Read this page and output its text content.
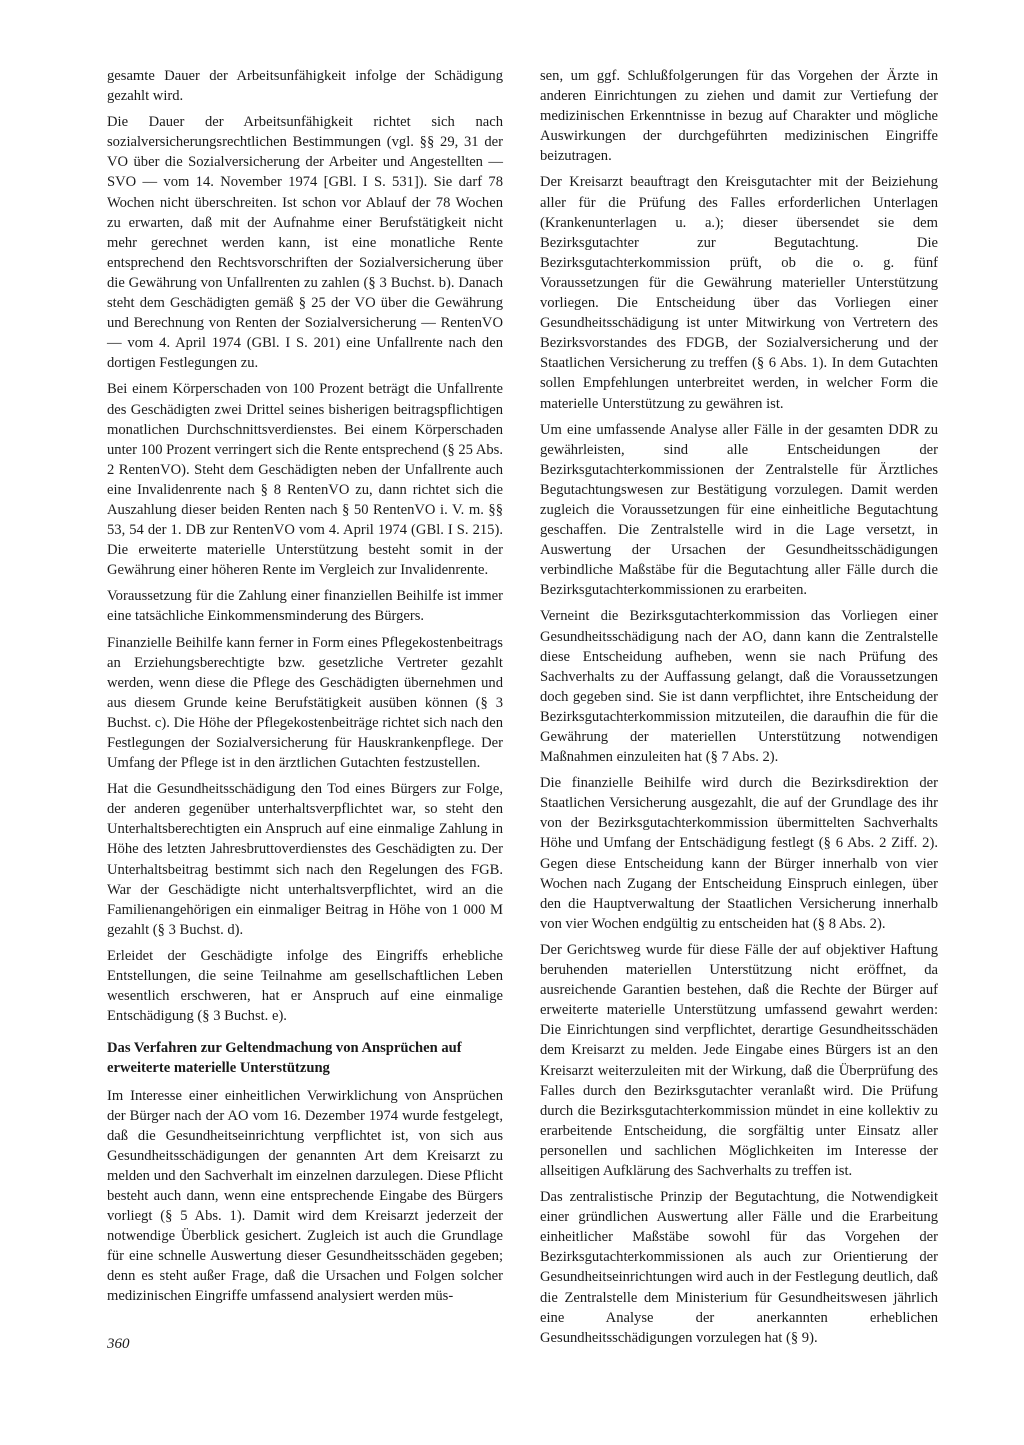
gesamte Dauer der Arbeitsunfähigkeit infolge der Schädigung gezahlt wird.

Die Dauer der Arbeitsunfähigkeit richtet sich nach sozialversicherungsrechtlichen Bestimmungen (vgl. §§ 29, 31 der VO über die Sozialversicherung der Arbeiter und Angestellten — SVO — vom 14. November 1974 [GBl. I S. 531]). Sie darf 78 Wochen nicht überschreiten. Ist schon vor Ablauf der 78 Wochen zu erwarten, daß mit der Aufnahme einer Berufstätigkeit nicht mehr gerechnet werden kann, ist eine monatliche Rente entsprechend den Rechtsvorschriften der Sozialversicherung über die Gewährung von Unfallrenten zu zahlen (§ 3 Buchst. b). Danach steht dem Geschädigten gemäß § 25 der VO über die Gewährung und Berechnung von Renten der Sozialversicherung — RentenVO — vom 4. April 1974 (GBl. I S. 201) eine Unfallrente nach den dortigen Festlegungen zu.

Bei einem Körperschaden von 100 Prozent beträgt die Unfallrente des Geschädigten zwei Drittel seines bisherigen beitragspflichtigen monatlichen Durchschnittsverdienstes. Bei einem Körperschaden unter 100 Prozent verringert sich die Rente entsprechend (§ 25 Abs. 2 RentenVO). Steht dem Geschädigten neben der Unfallrente auch eine Invalidenrente nach § 8 RentenVO zu, dann richtet sich die Auszahlung dieser beiden Renten nach § 50 RentenVO i. V. m. §§ 53, 54 der 1. DB zur RentenVO vom 4. April 1974 (GBl. I S. 215). Die erweiterte materielle Unterstützung besteht somit in der Gewährung einer höheren Rente im Vergleich zur Invalidenrente.

Voraussetzung für die Zahlung einer finanziellen Beihilfe ist immer eine tatsächliche Einkommensminderung des Bürgers.

Finanzielle Beihilfe kann ferner in Form eines Pflegekostenbeitrags an Erziehungsberechtigte bzw. gesetzliche Vertreter gezahlt werden, wenn diese die Pflege des Geschädigten übernehmen und aus diesem Grunde keine Berufstätigkeit ausüben können (§ 3 Buchst. c). Die Höhe der Pflegekostenbeiträge richtet sich nach den Festlegungen der Sozialversicherung für Hauskrankenpflege. Der Umfang der Pflege ist in den ärztlichen Gutachten festzustellen.

Hat die Gesundheitsschädigung den Tod eines Bürgers zur Folge, der anderen gegenüber unterhaltsverpflichtet war, so steht den Unterhaltsberechtigten ein Anspruch auf eine einmalige Zahlung in Höhe des letzten Jahresbruttoverdienstes des Geschädigten zu. Der Unterhaltsbeitrag bestimmt sich nach den Regelungen des FGB. War der Geschädigte nicht unterhaltsverpflichtet, wird an die Familienangehörigen ein einmaliger Beitrag in Höhe von 1 000 M gezahlt (§ 3 Buchst. d).

Erleidet der Geschädigte infolge des Eingriffs erhebliche Entstellungen, die seine Teilnahme am gesellschaftlichen Leben wesentlich erschweren, hat er Anspruch auf eine einmalige Entschädigung (§ 3 Buchst. e).

Das Verfahren zur Geltendmachung von Ansprüchen auf erweiterte materielle Unterstützung

Im Interesse einer einheitlichen Verwirklichung von Ansprüchen der Bürger nach der AO vom 16. Dezember 1974 wurde festgelegt, daß die Gesundheitseinrichtung verpflichtet ist, von sich aus Gesundheitsschädigungen der genannten Art dem Kreisarzt zu melden und den Sachverhalt im einzelnen darzulegen. Diese Pflicht besteht auch dann, wenn eine entsprechende Eingabe des Bürgers vorliegt (§ 5 Abs. 1). Damit wird dem Kreisarzt jederzeit der notwendige Überblick gesichert. Zugleich ist auch die Grundlage für eine schnelle Auswertung dieser Gesundheitsschäden gegeben; denn es steht außer Frage, daß die Ursachen und Folgen solcher medizinischen Eingriffe umfassend analysiert werden müs-

sen, um ggf. Schlußfolgerungen für das Vorgehen der Ärzte in anderen Einrichtungen zu ziehen und damit zur Vertiefung der medizinischen Erkenntnisse in bezug auf Charakter und mögliche Auswirkungen der durchgeführten medizinischen Eingriffe beizutragen.

Der Kreisarzt beauftragt den Kreisgutachter mit der Beiziehung aller für die Prüfung des Falles erforderlichen Unterlagen (Krankenunterlagen u. a.); dieser übersendet sie dem Bezirksgutachter zur Begutachtung. Die Bezirksgutachterkommission prüft, ob die o. g. fünf Voraussetzungen für die Gewährung materieller Unterstützung vorliegen. Die Entscheidung über das Vorliegen einer Gesundheitsschädigung ist unter Mitwirkung von Vertretern des Bezirksvorstandes des FDGB, der Sozialversicherung und der Staatlichen Versicherung zu treffen (§ 6 Abs. 1). In dem Gutachten sollen Empfehlungen unterbreitet werden, in welcher Form die materielle Unterstützung zu gewähren ist.

Um eine umfassende Analyse aller Fälle in der gesamten DDR zu gewährleisten, sind alle Entscheidungen der Bezirksgutachterkommissionen der Zentralstelle für Ärztliches Begutachtungswesen zur Bestätigung vorzulegen. Damit werden zugleich die Voraussetzungen für eine einheitliche Begutachtung geschaffen. Die Zentralstelle wird in die Lage versetzt, in Auswertung der Ursachen der Gesundheitsschädigungen verbindliche Maßstäbe für die Begutachtung aller Fälle durch die Bezirksgutachterkommissionen zu erarbeiten.

Verneint die Bezirksgutachterkommission das Vorliegen einer Gesundheitsschädigung nach der AO, dann kann die Zentralstelle diese Entscheidung aufheben, wenn sie nach Prüfung des Sachverhalts zu der Auffassung gelangt, daß die Voraussetzungen doch gegeben sind. Sie ist dann verpflichtet, ihre Entscheidung der Bezirksgutachterkommission mitzuteilen, die daraufhin die für die Gewährung der materiellen Unterstützung notwendigen Maßnahmen einzuleiten hat (§ 7 Abs. 2).

Die finanzielle Beihilfe wird durch die Bezirksdirektion der Staatlichen Versicherung ausgezahlt, die auf der Grundlage des ihr von der Bezirksgutachterkommission übermittelten Sachverhalts Höhe und Umfang der Entschädigung festlegt (§ 6 Abs. 2 Ziff. 2). Gegen diese Entscheidung kann der Bürger innerhalb von vier Wochen nach Zugang der Entscheidung Einspruch einlegen, über den die Hauptverwaltung der Staatlichen Versicherung innerhalb von vier Wochen endgültig zu entscheiden hat (§ 8 Abs. 2).

Der Gerichtsweg wurde für diese Fälle der auf objektiver Haftung beruhenden materiellen Unterstützung nicht eröffnet, da ausreichende Garantien bestehen, daß die Rechte der Bürger auf erweiterte materielle Unterstützung umfassend gewahrt werden: Die Einrichtungen sind verpflichtet, derartige Gesundheitsschäden dem Kreisarzt zu melden. Jede Eingabe eines Bürgers ist an den Kreisarzt weiterzuleiten mit der Wirkung, daß die Überprüfung des Falles durch den Bezirksgutachter veranlaßt wird. Die Prüfung durch die Bezirksgutachterkommission mündet in eine kollektiv zu erarbeitende Entscheidung, die sorgfältig unter Einsatz aller personellen und sachlichen Möglichkeiten im Interesse der allseitigen Aufklärung des Sachverhalts zu treffen ist.

Das zentralistische Prinzip der Begutachtung, die Notwendigkeit einer gründlichen Auswertung aller Fälle und die Erarbeitung einheitlicher Maßstäbe sowohl für das Vorgehen der Bezirksgutachterkommissionen als auch zur Orientierung der Gesundheitseinrichtungen wird auch in der Festlegung deutlich, daß die Zentralstelle dem Ministerium für Gesundheitswesen jährlich eine Analyse der anerkannten erheblichen Gesundheitsschädigungen vorzulegen hat (§ 9).

360
